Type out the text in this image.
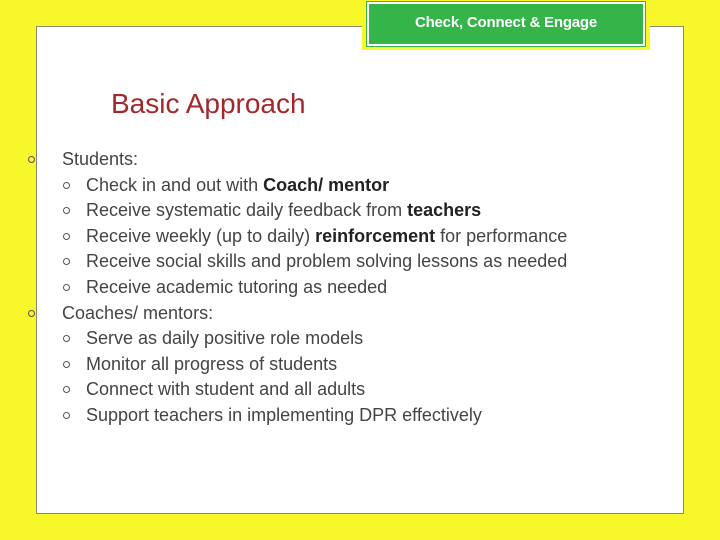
Check, Connect & Engage
Basic Approach
Students:
Check in and out with Coach/ mentor
Receive systematic daily feedback from teachers
Receive weekly (up to daily) reinforcement for performance
Receive social skills and problem solving lessons as needed
Receive academic tutoring as needed
Coaches/ mentors:
Serve as daily positive role models
Monitor all progress of students
Connect with student and all adults
Support teachers in implementing DPR effectively
